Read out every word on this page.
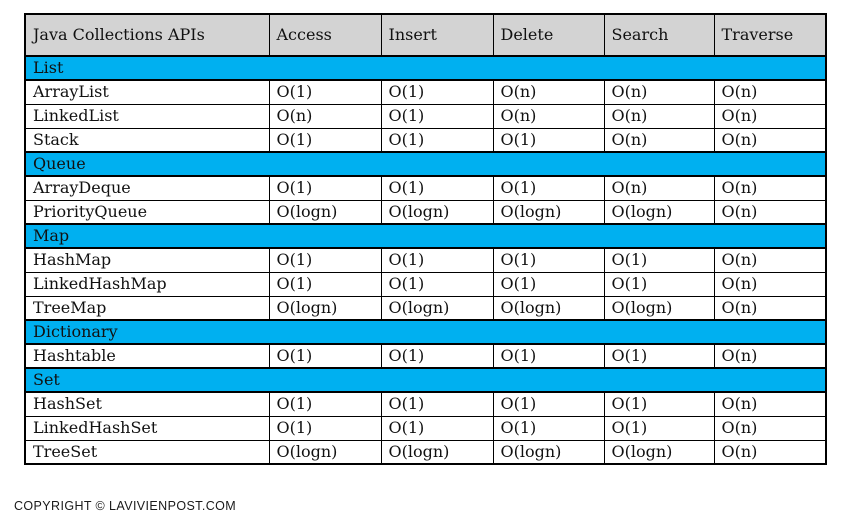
Java Collections APIs	Access	Insert	Delete	Search	Traverse
List					
ArrayList	O(1)	O(1)	O(n)	O(n)	O(n)
LinkedList	O(n)	O(1)	O(n)	O(n)	O(n)
Stack	O(1)	O(1)	O(1)	O(n)	O(n)
Queue					
ArrayDeque	O(1)	O(1)	O(1)	O(n)	O(n)
PriorityQueue	O(logn)	O(logn)	O(logn)	O(logn)	O(n)
Map					
HashMap	O(1)	O(1)	O(1)	O(1)	O(n)
LinkedHashMap	O(1)	O(1)	O(1)	O(1)	O(n)
TreeMap	O(logn)	O(logn)	O(logn)	O(logn)	O(n)
Dictionary					
Hashtable	O(1)	O(1)	O(1)	O(1)	O(n)
Set					
HashSet	O(1)	O(1)	O(1)	O(1)	O(n)
LinkedHashSet	O(1)	O(1)	O(1)	O(1)	O(n)
TreeSet	O(logn)	O(logn)	O(logn)	O(logn)	O(n)
COPYRIGHT © LAVIVIENPOST.COM
